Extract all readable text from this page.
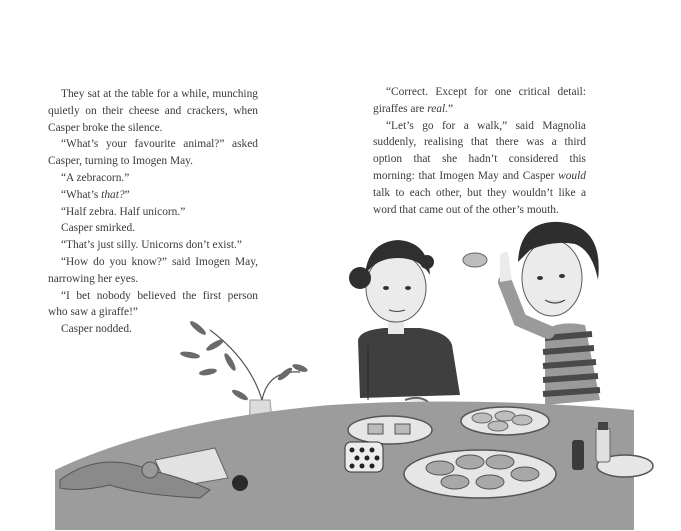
They sat at the table for a while, munching quietly on their cheese and crackers, when Casper broke the silence.

“What’s your favourite animal?” asked Casper, turning to Imogen May.

“A zebracorn.”

“What’s that?”

“Half zebra. Half unicorn.”

Casper smirked.

“That’s just silly. Unicorns don’t exist.”

“How do you know?” said Imogen May, narrowing her eyes.

“I bet nobody believed the first person who saw a giraffe!”

Casper nodded.

“Correct. Except for one critical detail: giraffes are real.”

“Let’s go for a walk,” said Magnolia suddenly, realising that there was a third option that she hadn’t considered this morning: that Imogen May and Casper would talk to each other, but they wouldn’t like a word that came out of the other’s mouth.
